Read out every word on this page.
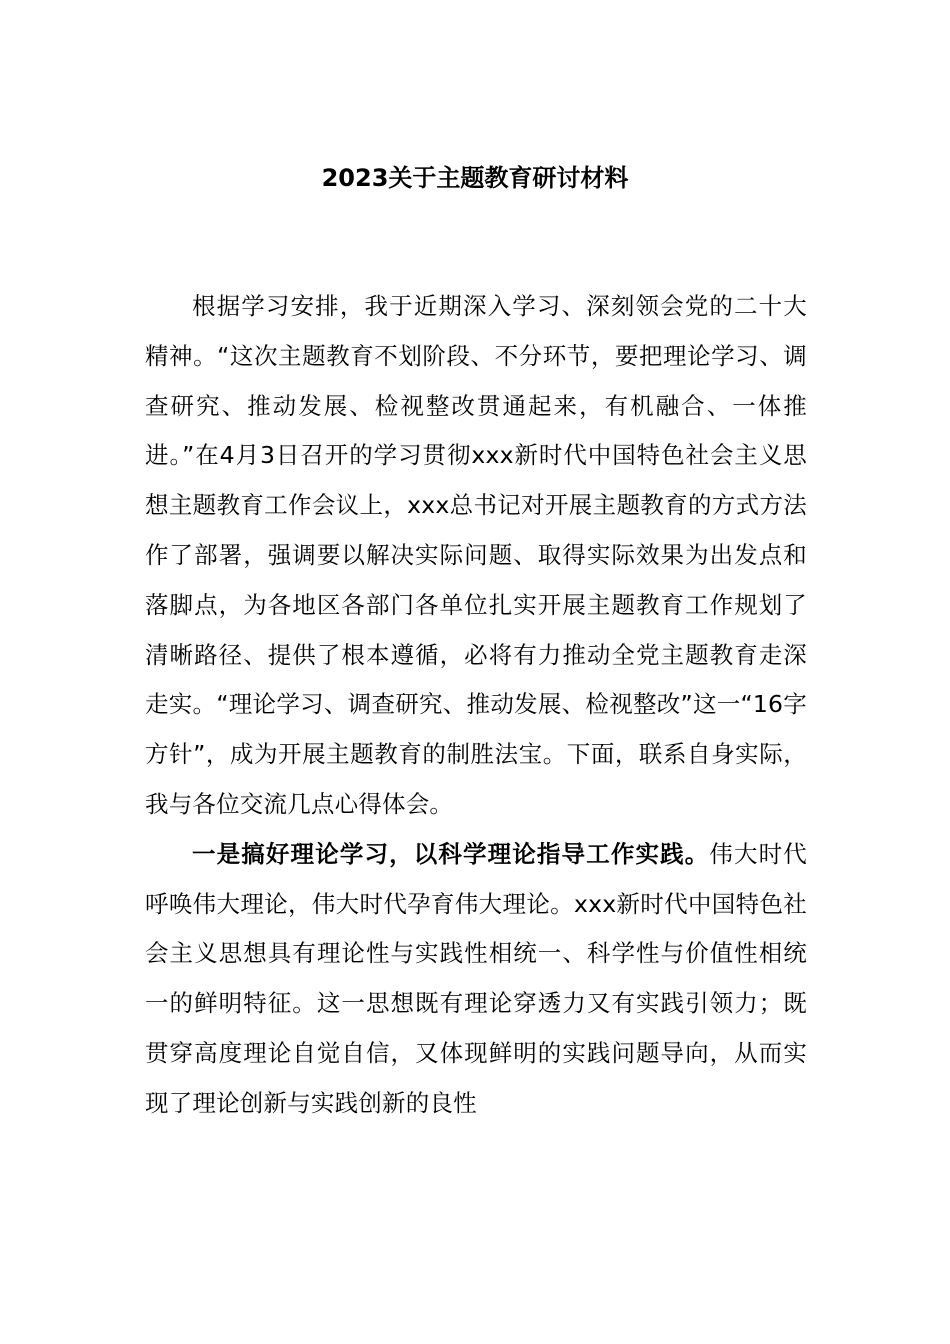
2023关于主题教育研讨材料

根据学习安排，我于近期深入学习、深刻领会党的二十大精神。“这次主题教育不划阶段、不分环节，要把理论学习、调查研究、推动发展、检视整改贯通起来，有机融合、一体推进。”在4月3日召开的学习贯彻xxx新时代中国特色社会主义思想主题教育工作会议上，xxx总书记对开展主题教育的方式方法作了部署，强调要以解决实际问题、取得实际效果为出发点和落脚点，为各地区各部门各单位扎实开展主题教育工作规划了清晰路径、提供了根本遵循，必将有力推动全党主题教育走深走实。“理论学习、调查研究、推动发展、检视整改”这一“16字方针”，成为开展主题教育的制胜法宝。下面，联系自身实际，我与各位交流几点心得体会。

一是搞好理论学习，以科学理论指导工作实践。伟大时代呼唤伟大理论，伟大时代孕育伟大理论。xxx新时代中国特色社会主义思想具有理论性与实践性相统一、科学性与价值性相统一的鲜明特征。这一思想既有理论穿透力又有实践引领力；既贯穿高度理论自觉自信，又体现鲜明的实践问题导向，从而实现了理论创新与实践创新的良性
